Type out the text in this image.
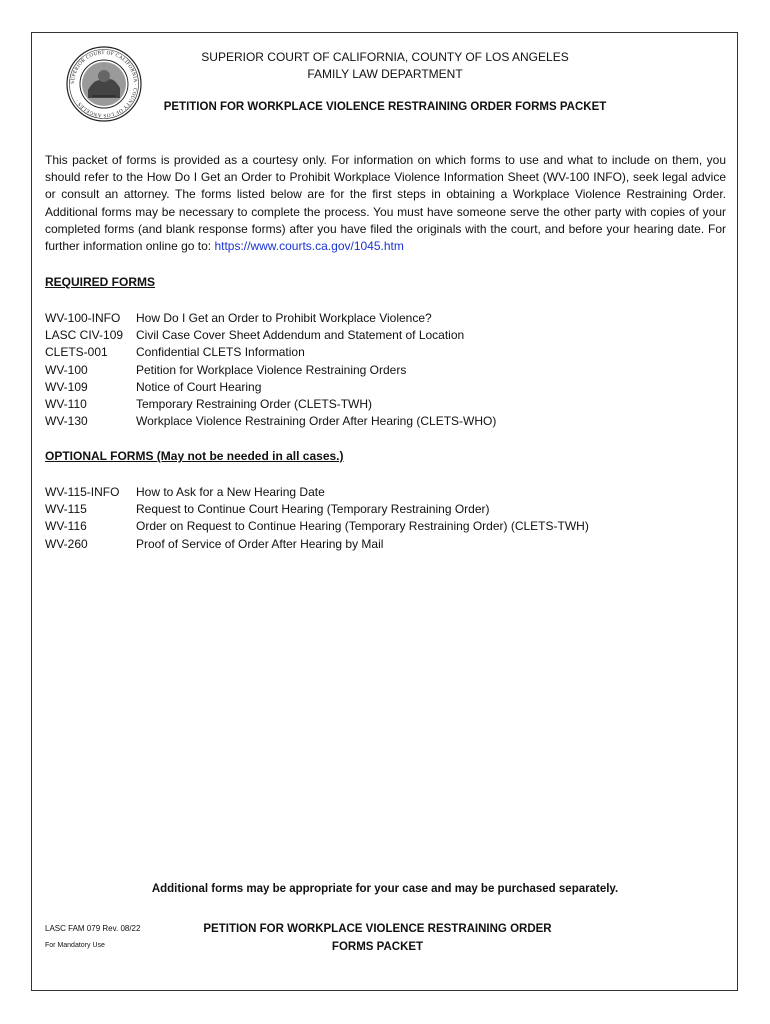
SUPERIOR COURT OF CALIFORNIA · COUNTY OF LOS ANGELES ·
SUPERIOR COURT OF CALIFORNIA, COUNTY OF LOS ANGELES
FAMILY LAW DEPARTMENT
PETITION FOR WORKPLACE VIOLENCE RESTRAINING ORDER FORMS PACKET
This packet of forms is provided as a courtesy only. For information on which forms to use and what to include on them, you should refer to the How Do I Get an Order to Prohibit Workplace Violence Information Sheet (WV-100 INFO), seek legal advice or consult an attorney. The forms listed below are for the first steps in obtaining a Workplace Violence Restraining Order. Additional forms may be necessary to complete the process. You must have someone serve the other party with copies of your completed forms (and blank response forms) after you have filed the originals with the court, and before your hearing date. For further information online go to: https://www.courts.ca.gov/1045.htm
REQUIRED FORMS
WV-100-INFO How Do I Get an Order to Prohibit Workplace Violence?
LASC CIV-109 Civil Case Cover Sheet Addendum and Statement of Location
CLETS-001 Confidential CLETS Information
WV-100	Petition for Workplace Violence Restraining Orders
WV-109	Notice of Court Hearing
WV-110	Temporary Restraining Order (CLETS-TWH)
WV-130	Workplace Violence Restraining Order After Hearing (CLETS-WHO)
OPTIONAL FORMS (May not be needed in all cases.)
WV-115-INFO How to Ask for a New Hearing Date
WV-115	Request to Continue Court Hearing (Temporary Restraining Order)
WV-116	Order on Request to Continue Hearing (Temporary Restraining Order) (CLETS-TWH)
WV-260	Proof of Service of Order After Hearing by Mail
Additional forms may be appropriate for your case and may be purchased separately.
LASC FAM 079 Rev. 08/22
For Mandatory Use
PETITION FOR WORKPLACE VIOLENCE RESTRAINING ORDER
FORMS PACKET
